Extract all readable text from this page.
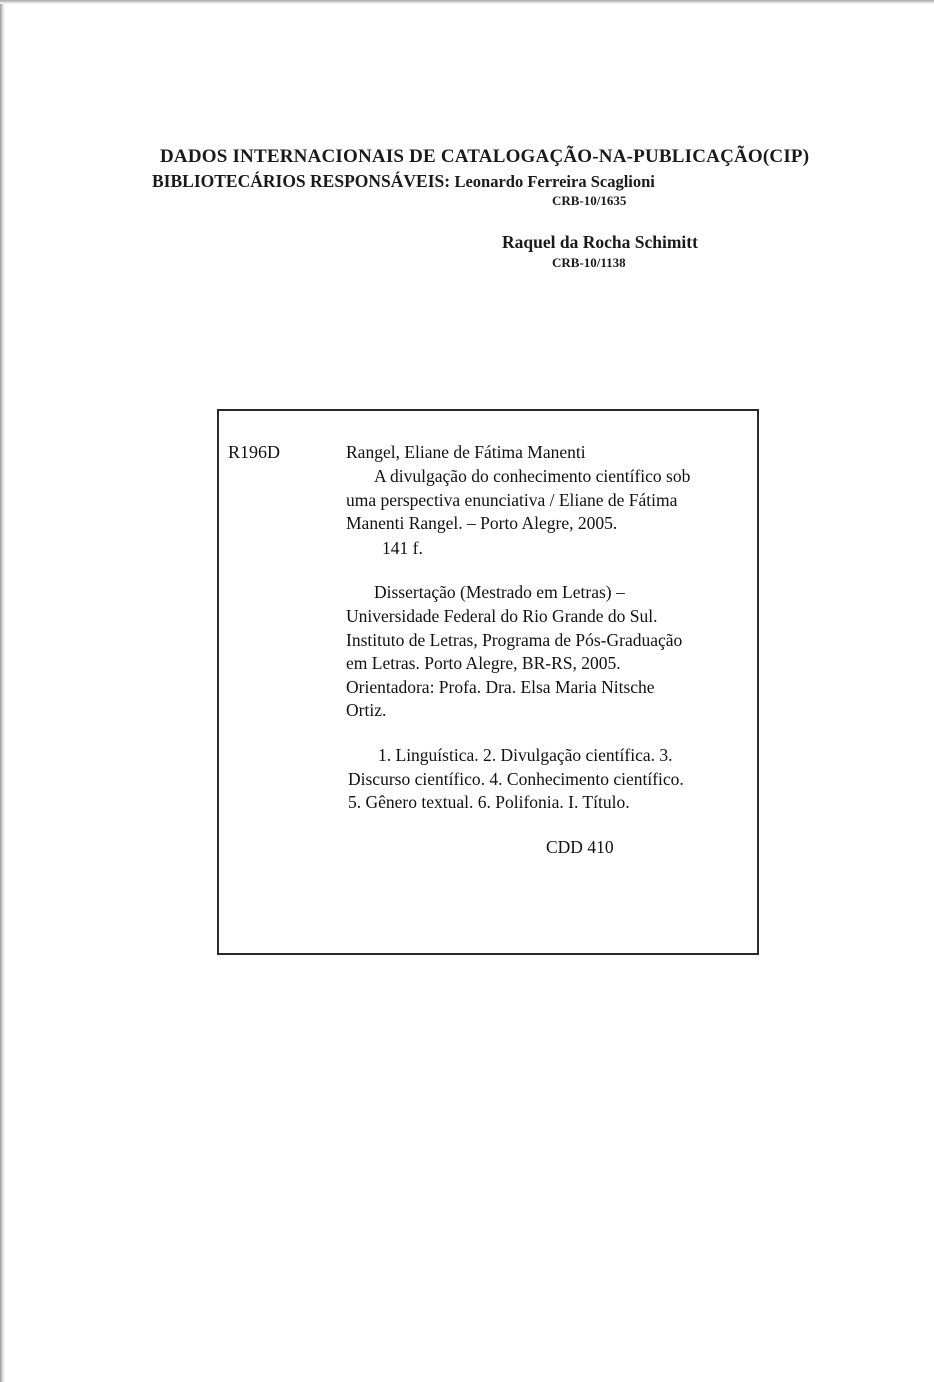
DADOS INTERNACIONAIS DE CATALOGAÇÃO-NA-PUBLICAÇÃO(CIP)
BIBLIOTECÁRIOS RESPONSÁVEIS: Leonardo Ferreira Scaglioni
CRB-10/1635
Raquel da Rocha Schimitt
CRB-10/1138
R196D	Rangel, Eliane de Fátima Manenti
A divulgação do conhecimento científico sob
uma perspectiva enunciativa / Eliane de Fátima
Manenti Rangel. – Porto Alegre, 2005.
141 f.
Dissertação (Mestrado em Letras) –
Universidade Federal do Rio Grande do Sul.
Instituto de Letras, Programa de Pós-Graduação
em Letras. Porto Alegre, BR-RS, 2005.
Orientadora: Profa. Dra. Elsa Maria Nitsche
Ortiz.
1. Linguística. 2. Divulgação científica. 3.
Discurso científico. 4. Conhecimento científico.
5. Gênero textual. 6. Polifonia. I. Título.
CDD 410
